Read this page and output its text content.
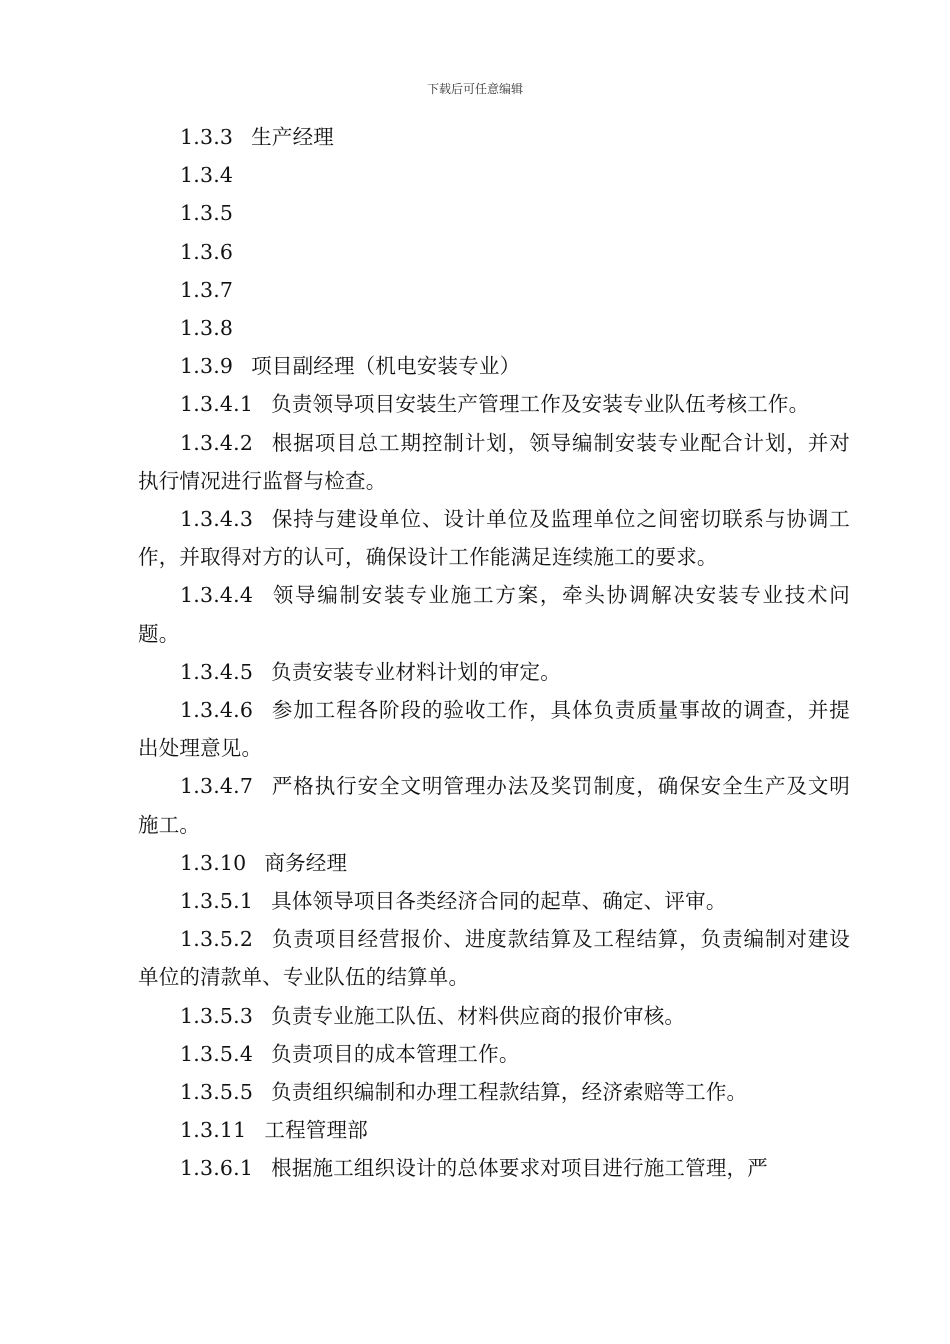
下载后可任意编辑

1.3.3 生产经理

1.3.4

1.3.5

1.3.6

1.3.7

1.3.8

1.3.9 项目副经理（机电安装专业）

1.3.4.1 负责领导项目安装生产管理工作及安装专业队伍考核工作。

1.3.4.2 根据项目总工期控制计划，领导编制安装专业配合计划，并对执行情况进行监督与检查。

1.3.4.3 保持与建设单位、设计单位及监理单位之间密切联系与协调工作，并取得对方的认可，确保设计工作能满足连续施工的要求。

1.3.4.4 领导编制安装专业施工方案，牵头协调解决安装专业技术问题。

1.3.4.5 负责安装专业材料计划的审定。

1.3.4.6 参加工程各阶段的验收工作，具体负责质量事故的调查，并提出处理意见。

1.3.4.7 严格执行安全文明管理办法及奖罚制度，确保安全生产及文明施工。

1.3.10 商务经理

1.3.5.1 具体领导项目各类经济合同的起草、确定、评审。

1.3.5.2 负责项目经营报价、进度款结算及工程结算，负责编制对建设单位的清款单、专业队伍的结算单。

1.3.5.3 负责专业施工队伍、材料供应商的报价审核。

1.3.5.4 负责项目的成本管理工作。

1.3.5.5 负责组织编制和办理工程款结算，经济索赔等工作。

1.3.11 工程管理部

1.3.6.1 根据施工组织设计的总体要求对项目进行施工管理，严
